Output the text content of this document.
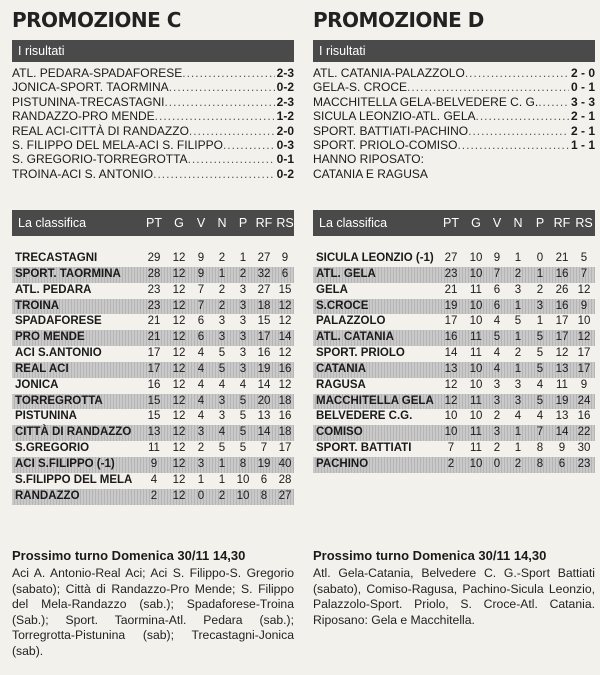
PROMOZIONE C
I risultati
ATL. PEDARA-SPADAFORESE .....	2-3
JONICA-SPORT. TAORMINA .....	0-2
PISTUNINA-TRECASTAGNI .....	2-3
RANDAZZO-PRO MENDE .....	1-2
REAL ACI-CITTÀ DI RANDAZZO .....	2-0
S. FILIPPO DEL MELA-ACI S. FILIPPO .....	0-3
S. GREGORIO-TORREGROTTA .....	0-1
TROINA-ACI S. ANTONIO .....	0-2
La classifica	PT G	V N P RF RS
TRECASTAGNI	29	12	9	2	1 27 9
SPORT. TAORMINA	28	12	9	1	2 32 6
ATL. PEDARA	23	12	7	2	3 27 15
TROINA	23	12	7	2	3 18 12
SPADAFORESE	21	12	6	3	3 15 12
PRO MENDE	21	12	6	3	3 17 14
ACI S.ANTONIO	17	12	4	5	3 16 12
REAL ACI	17	12	4	5	3 19 16
JONICA	16	12	4	4	4 14 12
TORREGROTTA	15	12	4	3	5 20 18
PISTUNINA	15	12	4	3	5 13 16
CITTÀ DI RANDAZZO	13	12	3	4	5 14 18
S.GREGORIO	11	12	2	5	5	7 17
ACI S.FILIPPO (-1)	9	12	3	1	8 19 40
S.FILIPPO DEL MELA	4	12	1	1 10 6 28
RANDAZZO	2	12	0	2 10 8 27
Prossimo turno Domenica 30/11 14,30
Aci A. Antonio-Real Aci; Aci S. Filippo-S. Gregorio (sabato); Città di Randazzo-Pro Mende; S. Filippo del Mela-Randazzo (sab.); Spadaforese-Troina (Sab.); Sport. Taormina-Atl. Pedara (sab.); Torregrotta-Pistunina (sab); Trecastagni-Jonica (sab).
PROMOZIONE D
I risultati
ATL. CATANIA-PALAZZOLO .....	2 - 0
GELA-S. CROCE .....	0 - 1
MACCHITELLA GELA-BELVEDERE C. G. .....	3 - 3
SICULA LEONZIO-ATL. GELA .....	2 - 1
SPORT. BATTIATI-PACHINO .....	2 - 1
SPORT. PRIOLO-COMISO .....	1 - 1
HANNO RIPOSATO:
CATANIA E RAGUSA
La classifica	PT G V N	P RF RS
SICULA LEONZIO (-1) 27	10 9	1	0	21	5
ATL. GELA	23	10 7	2	1	16	7
GELA	21	11	6	3	2	26 12
S.CROCE	19	10 6	1	3	16	9
PALAZZOLO	17	10 4	5	1	17 10
ATL. CATANIA	16	11	5	1	5	17 12
SPORT. PRIOLO	14	11	4	2	5	12 17
CATANIA	13	10 4	1	5	13 17
RAGUSA	12	10 3	3	4	11	9
MACCHITELLA GELA 12	11	3	3	5	19 24
BELVEDERE C.G.	10	10 2	4	4	13 16
COMISO	10	11	3	1	7	14 22
SPORT. BATTIATI	7	11	2	1	8	9	30
PACHINO	2	10 0	2	8	6	23
Prossimo turno Domenica 30/11 14,30
Atl. Gela-Catania, Belvedere C. G.-Sport Battiati (sabato), Comiso-Ragusa, Pachino-Sicula Leonzio, Palazzolo-Sport. Priolo, S. Croce-Atl. Catania. Riposano: Gela e Macchitella.
